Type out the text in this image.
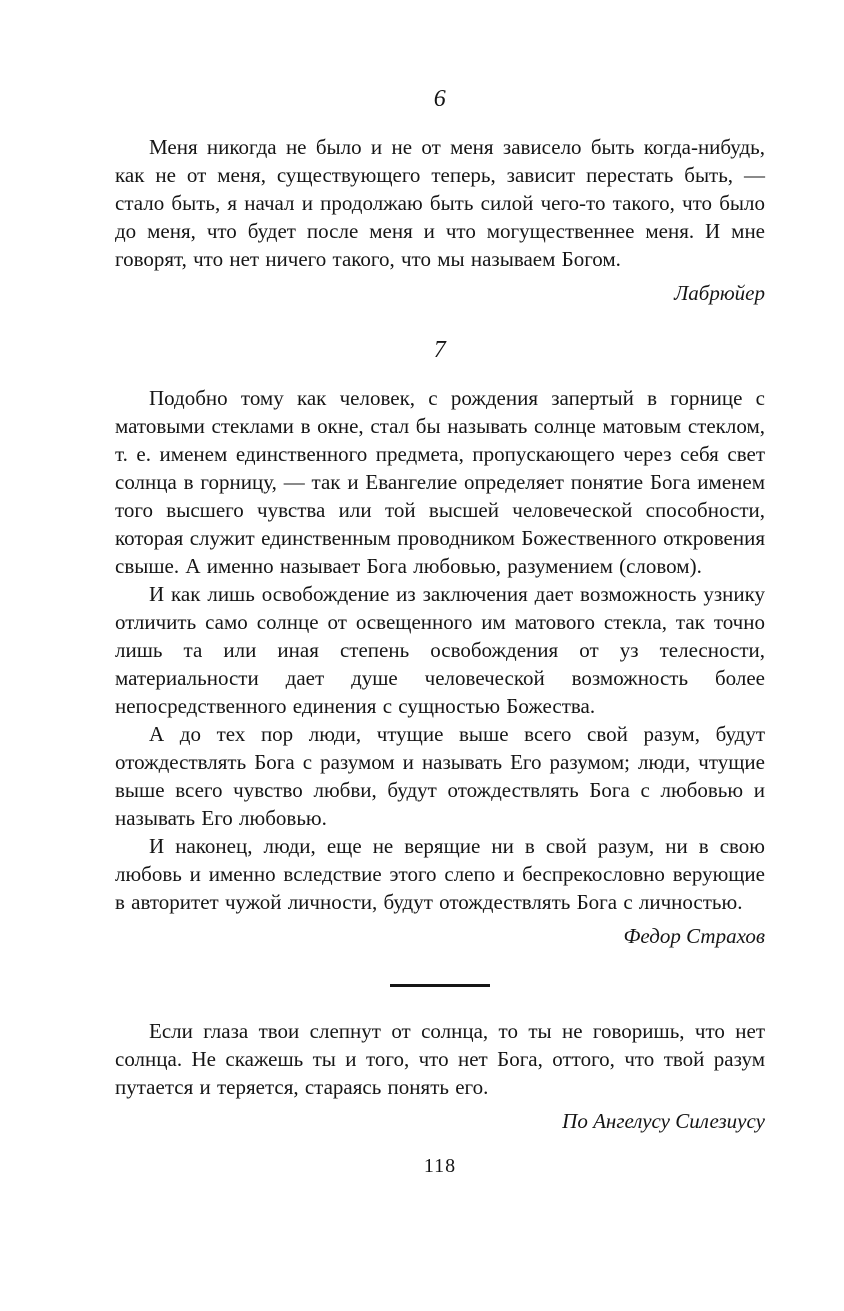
6

Меня никогда не было и не от меня зависело быть когда-нибудь, как не от меня, существующего теперь, зависит перестать быть, — стало быть, я начал и продолжаю быть силой чего-то такого, что было до меня, что будет после меня и что могущественнее меня. И мне говорят, что нет ничего такого, что мы называем Богом.

Лабрюйер

7

Подобно тому как человек, с рождения запертый в горнице с матовыми стеклами в окне, стал бы называть солнце матовым стеклом, т. е. именем единственного предмета, пропускающего через себя свет солнца в горницу, — так и Евангелие определяет понятие Бога именем того высшего чувства или той высшей человеческой способности, которая служит единственным проводником Божественного откровения свыше. А именно называет Бога любовью, разумением (словом).

И как лишь освобождение из заключения дает возможность узнику отличить само солнце от освещенного им матового стекла, так точно лишь та или иная степень освобождения от уз телесности, материальности дает душе человеческой возможность более непосредственного единения с сущностью Божества.

А до тех пор люди, чтущие выше всего свой разум, будут отождествлять Бога с разумом и называть Его разумом; люди, чтущие выше всего чувство любви, будут отождествлять Бога с любовью и называть Его любовью.

И наконец, люди, еще не верящие ни в свой разум, ни в свою любовь и именно вследствие этого слепо и беспрекословно верующие в авторитет чужой личности, будут отождествлять Бога с личностью.

Федор Страхов

Если глаза твои слепнут от солнца, то ты не говоришь, что нет солнца. Не скажешь ты и того, что нет Бога, оттого, что твой разум путается и теряется, стараясь понять его.

По Ангелусу Силезиусу

118
